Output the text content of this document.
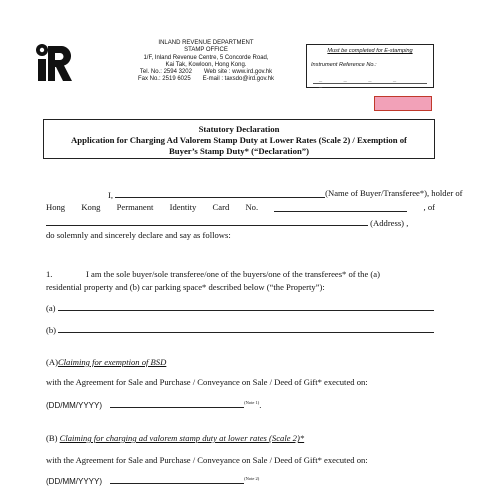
INLAND REVENUE DEPARTMENT
STAMP OFFICE
1/F, Inland Revenue Centre, 5 Concorde Road,
Kai Tak, Kowloon, Hong Kong.
Tel. No.: 2594 3202 Web site : www.ird.gov.hk
Fax No.: 2519 6025 E-mail : taxsdo@ird.gov.hk
Must be completed for E-stamping
Instrument Reference No.:
_ _ _ _ _
Statutory Declaration
Application for Charging Ad Valorem Stamp Duty at Lower Rates (Scale 2) / Exemption of
Buyer’s Stamp Duty* (“Declaration”)
I,	(Name of Buyer/Transferee*), holder of
Hong Kong Permanent Identity Card No.	, of
(Address) ,
do solemnly and sincerely declare and say as follows:
1.	I am the sole buyer/sole transferee/one of the buyers/one of the transferees* of the (a)
residential property and (b) car parking space* described below (“the Property”):
(a)
(b)
(A)Claiming for exemption of BSD
with the Agreement for Sale and Purchase / Conveyance on Sale / Deed of Gift* executed on:
(DD/MM/YYYY)	$^{(Note 1)}$.
(B) Claiming for charging ad valorem stamp duty at lower rates (Scale 2)*
with the Agreement for Sale and Purchase / Conveyance on Sale / Deed of Gift* executed on:
(DD/MM/YYYY)	$^{(Note 2)}$
